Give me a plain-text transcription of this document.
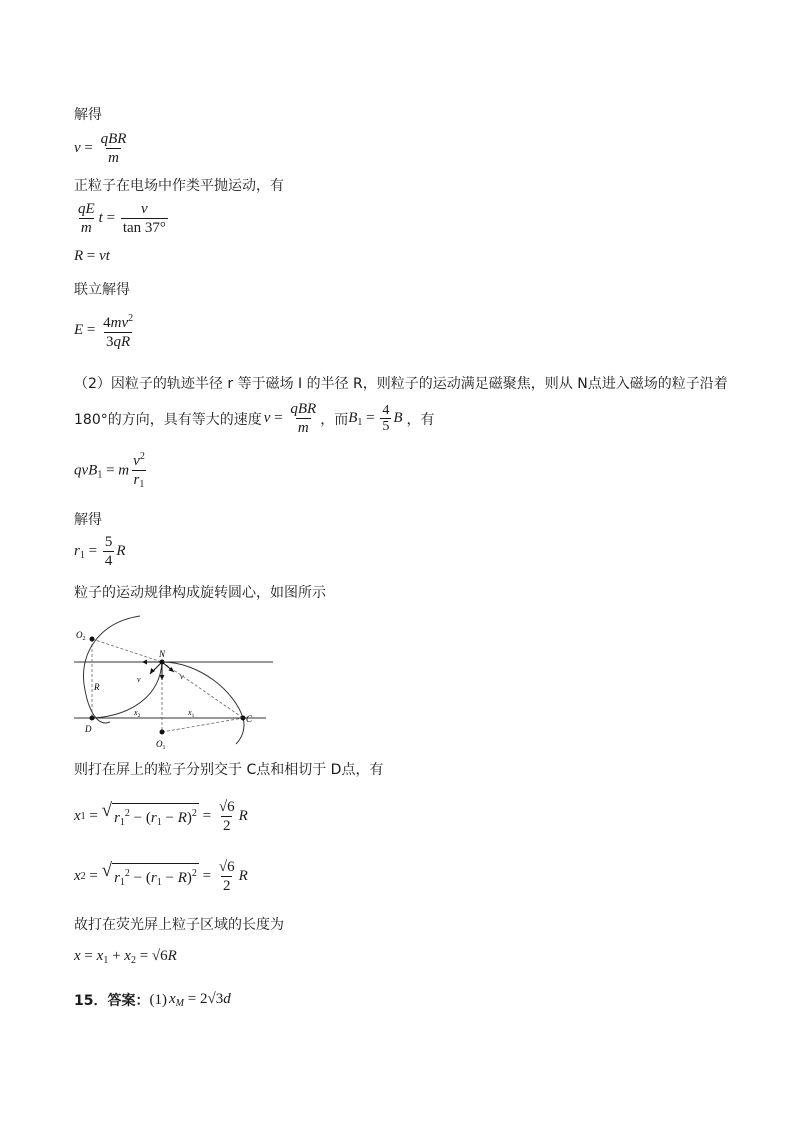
解得
$v = \frac{\text{qBR}}{m}$
正粒子在电场中作类平抛运动，有
$\frac{qE}{m}$ $t = \frac{v}{\tan 37^\circ}$
R = vt
联立解得
$E = \frac{4mv^2}{3qR}$
（2）因粒子的轨迹半径 r 等于磁场 I 的半径 R，则粒子的运动满足磁聚焦，则从 N点进入磁场的粒子沿着
180°的方向，具有等大的速度 $v = \frac{\text{qBR}}{m}$ ，而 $B_1 = \frac{4}{5}$ B ，有
qvB$_1$ = m $\frac{v^2}{r_1}$
解得
$r_1 = \frac{5}{4}$ R
粒子的运动规律构成旋转圆心，如图所示
$O_2$
N
v	v
R
$x_2$	$x_1$	C
D
$O_1$
则打在屏上的粒子分别交于 C点和相切于 D点，有
x 1 = √ $r_1^2 - (r_1 - R)^2 = \frac{√6}{2}$ R
x 2 = √ $r_1^2 - (r_1 - R)^2 = \frac{√6}{2}$ R
故打在荧光屏上粒子区域的长度为
$x = x_1 + x_2 = √6R$
15．答案： (1) $x_M = 2√3d$
